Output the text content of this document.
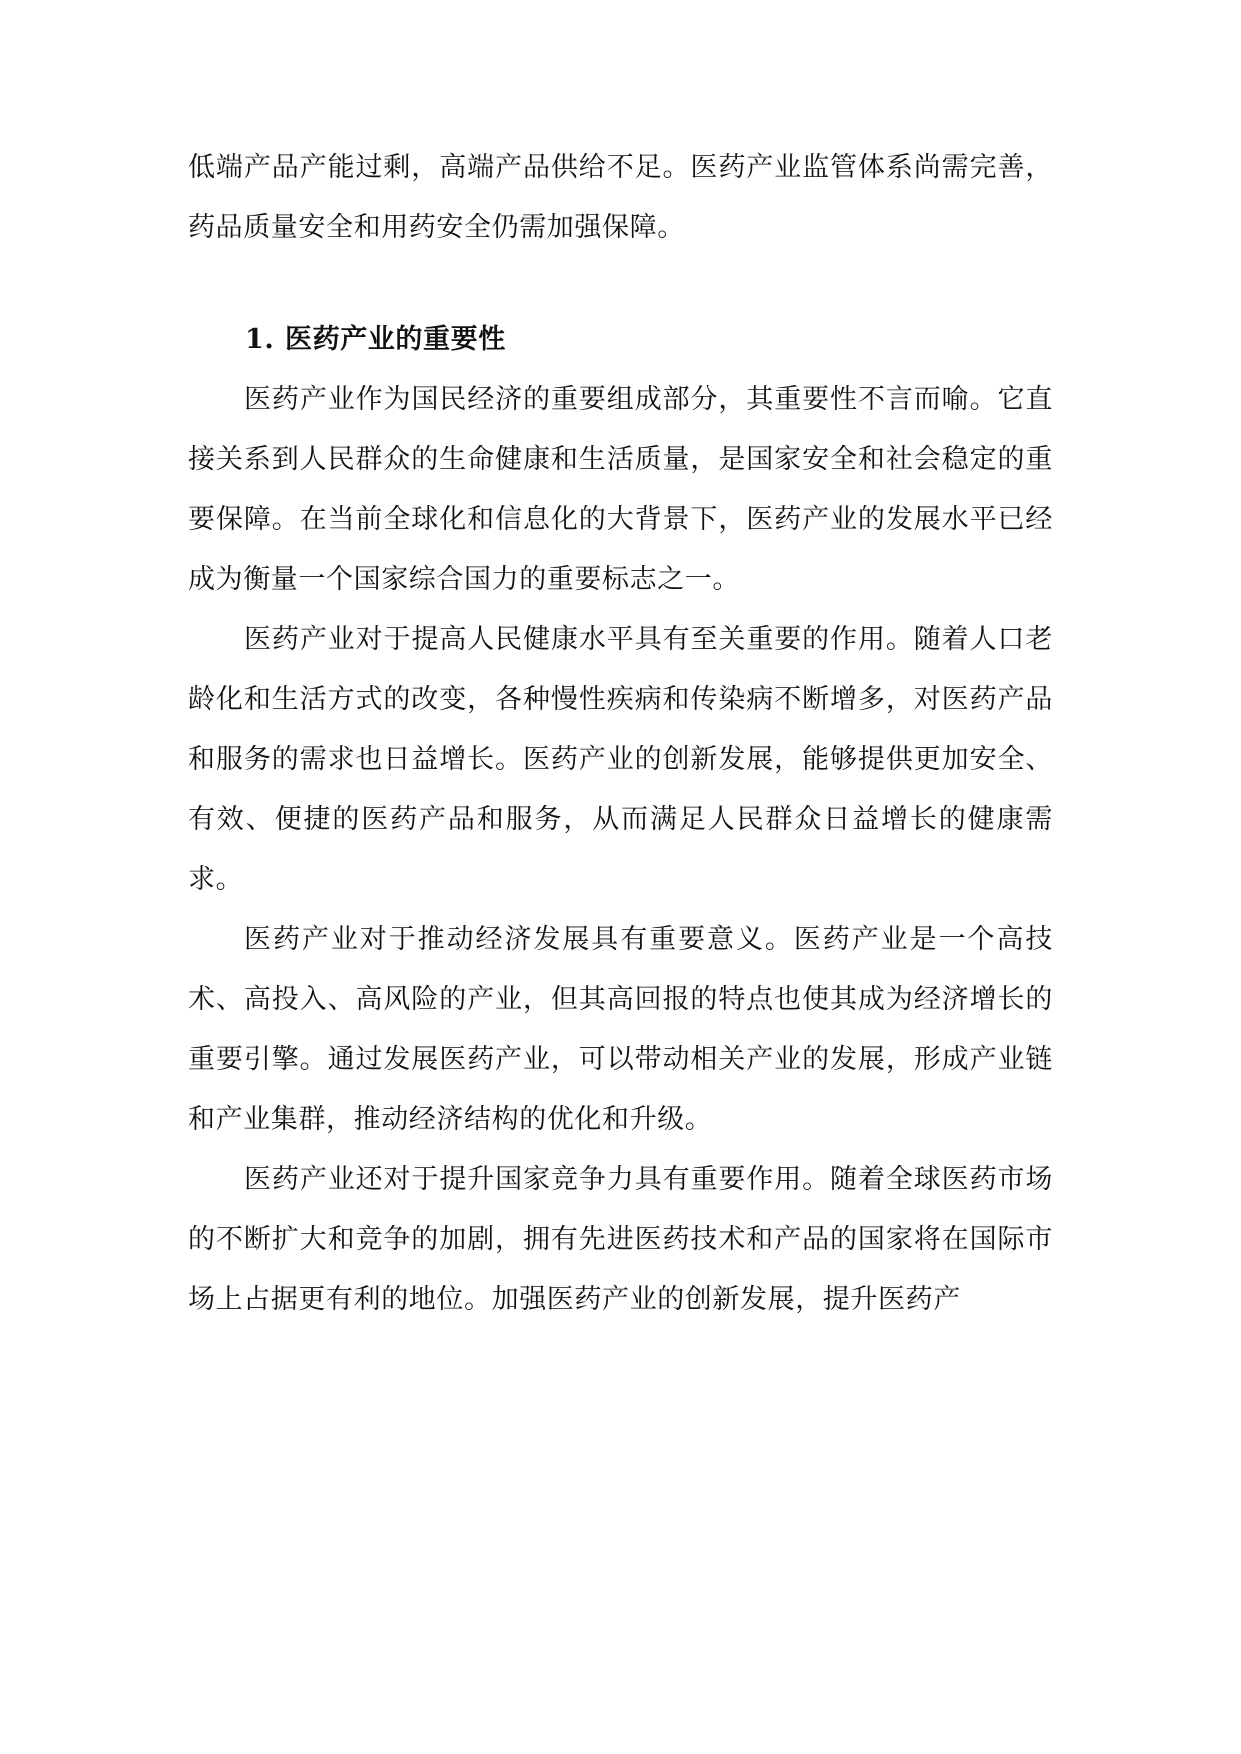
低端产品产能过剩，高端产品供给不足。医药产业监管体系尚需完善，药品质量安全和用药安全仍需加强保障。

1. 医药产业的重要性

医药产业作为国民经济的重要组成部分，其重要性不言而喻。它直接关系到人民群众的生命健康和生活质量，是国家安全和社会稳定的重要保障。在当前全球化和信息化的大背景下，医药产业的发展水平已经成为衡量一个国家综合国力的重要标志之一。

医药产业对于提高人民健康水平具有至关重要的作用。随着人口老龄化和生活方式的改变，各种慢性疾病和传染病不断增多，对医药产品和服务的需求也日益增长。医药产业的创新发展，能够提供更加安全、有效、便捷的医药产品和服务，从而满足人民群众日益增长的健康需求。

医药产业对于推动经济发展具有重要意义。医药产业是一个高技术、高投入、高风险的产业，但其高回报的特点也使其成为经济增长的重要引擎。通过发展医药产业，可以带动相关产业的发展，形成产业链和产业集群，推动经济结构的优化和升级。

医药产业还对于提升国家竞争力具有重要作用。随着全球医药市场的不断扩大和竞争的加剧，拥有先进医药技术和产品的国家将在国际市场上占据更有利的地位。加强医药产业的创新发展，提升医药产
